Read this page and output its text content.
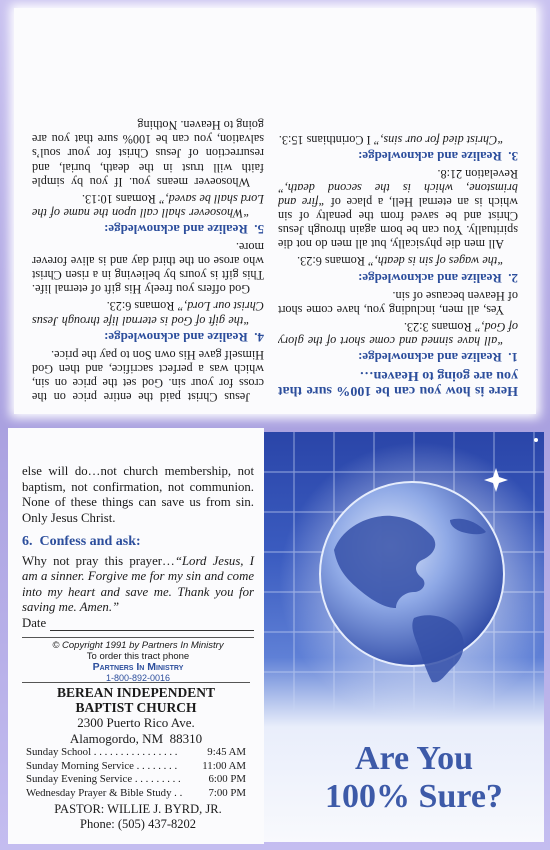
Here is how you can be 100% sure that you are going to Heaven…
1.  Realize and acknowledge:

“all have sinned and come short of the glory of God,” Romans 3:23.

Yes, all men, including you, have come short of Heaven because of sin.

2.  Realize and acknowledge:

“the wages of sin is death,” Romans 6:23.

All men die physically, but all men do not die spiritually. You can be born again through Jesus Christ and be saved from the penalty of sin which is an eternal Hell, a place of “fire and brimstone, which is the second death,” Revelation 21:8.

3.  Realize and acknowledge:

“Christ died for our sins,” I Corinthians 15:3.

Jesus Christ paid the entire price on the cross for your sin. God set the price on sin, which was a perfect sacrifice, and then God Himself gave His own Son to pay the price.

4.  Realize and acknowledge:

“the gift of God is eternal life through Jesus Christ our Lord,” Romans 6:23.

God offers you freely His gift of eternal life. This gift is yours by believing in a risen Christ who arose on the third day and is alive forever more.

5.  Realize and acknowledge:

“Whosoever shall call upon the name of the Lord shall be saved,” Romans 10:13.

Whosoever means you. If you by simple faith will trust in the death, burial, and resurrection of Jesus Christ for your soul’s salvation, you can be 100% sure that you are going to Heaven. Nothing

else will do…not church membership, not baptism, not confirmation, not communion. None of these things can save us from sin. Only Jesus Christ.

6.  Confess and ask:

Why not pray this prayer…“Lord Jesus, I am a sinner. Forgive me for my sin and come into my heart and save me. Thank you for saving me. Amen.”

Date
© Copyright 1991 by Partners In Ministry
To order this tract phone
Partners In Ministry
1-800-892-0016
BEREAN INDEPENDENT
BAPTIST CHURCH
2300 Puerto Rico Ave.
Alamogordo, NM  88310
Sunday School . . . . . . . . . . . . . . . .	9:45 AM
Sunday Morning Service . . . . . . . . 11:00 AM
Sunday Evening Service . . . . . . . . .	6:00 PM
Wednesday Prayer & Bible Study . . 7:00 PM
PASTOR: WILLIE J. BYRD, JR.
Phone: (505) 437-8202
Are You
100% Sure?
